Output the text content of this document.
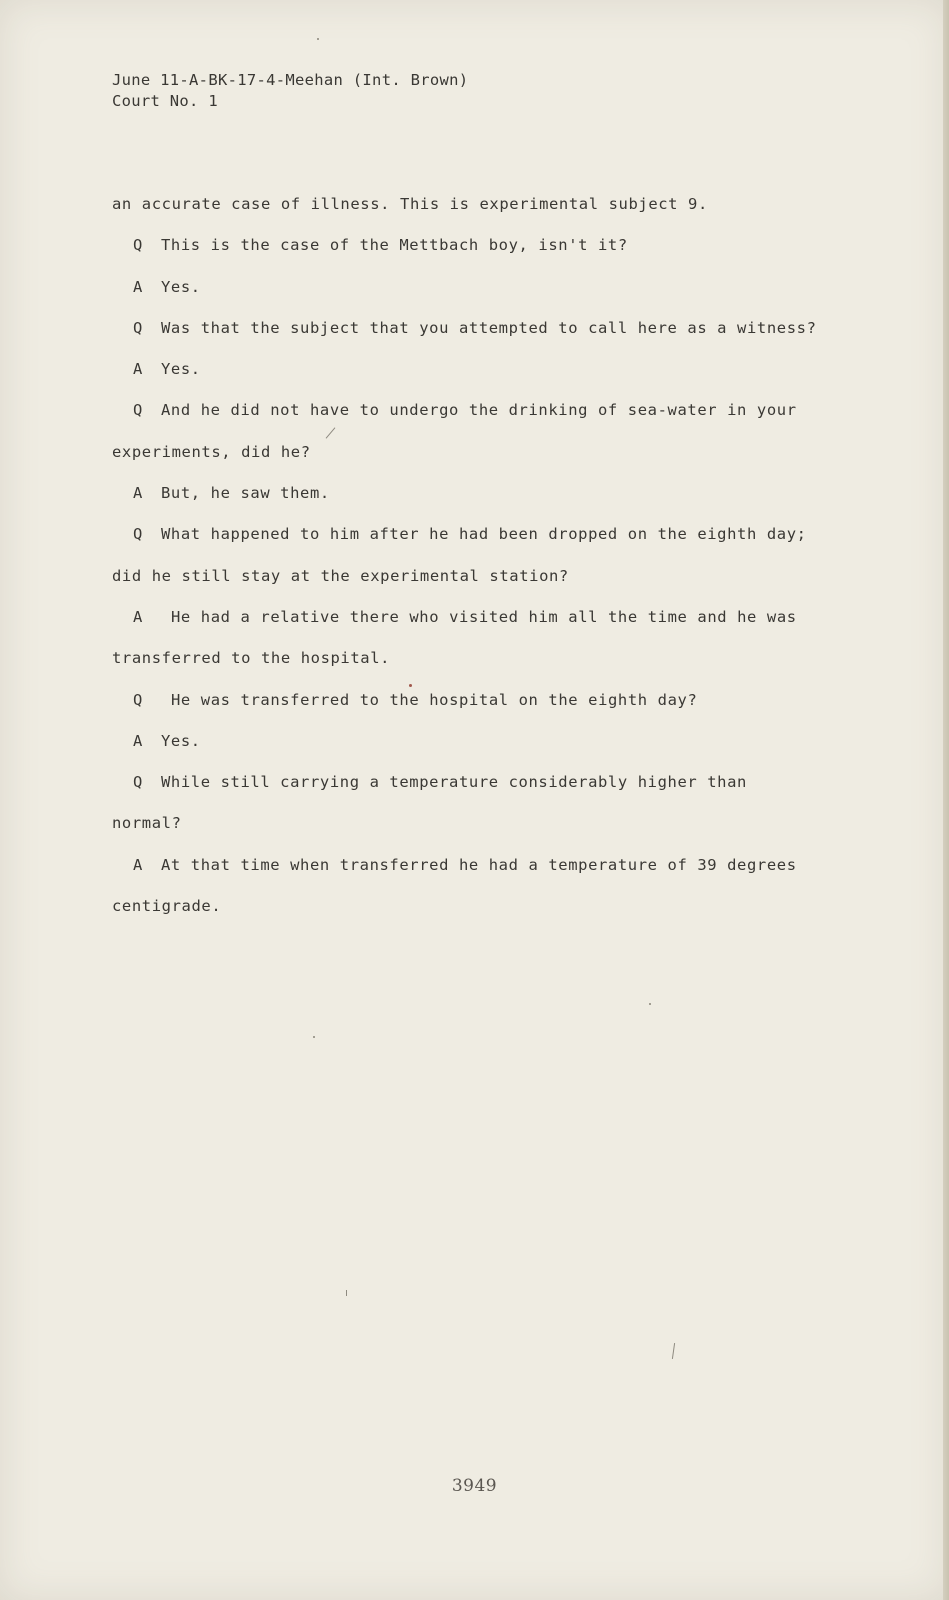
June 11-A-BK-17-4-Meehan (Int. Brown)
Court No. 1
an accurate case of illness. This is experimental subject 9.
Q This is the case of the Mettbach boy, isn't it?
A Yes.
Q Was that the subject that you attempted to call here as a witness?
A Yes.
Q And he did not have to undergo the drinking of sea-water in your
experiments, did he?
A But, he saw them.
Q What happened to him after he had been dropped on the eighth day;
did he still stay at the experimental station?
A He had a relative there who visited him all the time and he was
transferred to the hospital.
Q He was transferred to the hospital on the eighth day?
A Yes.
Q While still carrying a temperature considerably higher than
normal?
A At that time when transferred he had a temperature of 39 degrees
centigrade.
3949
